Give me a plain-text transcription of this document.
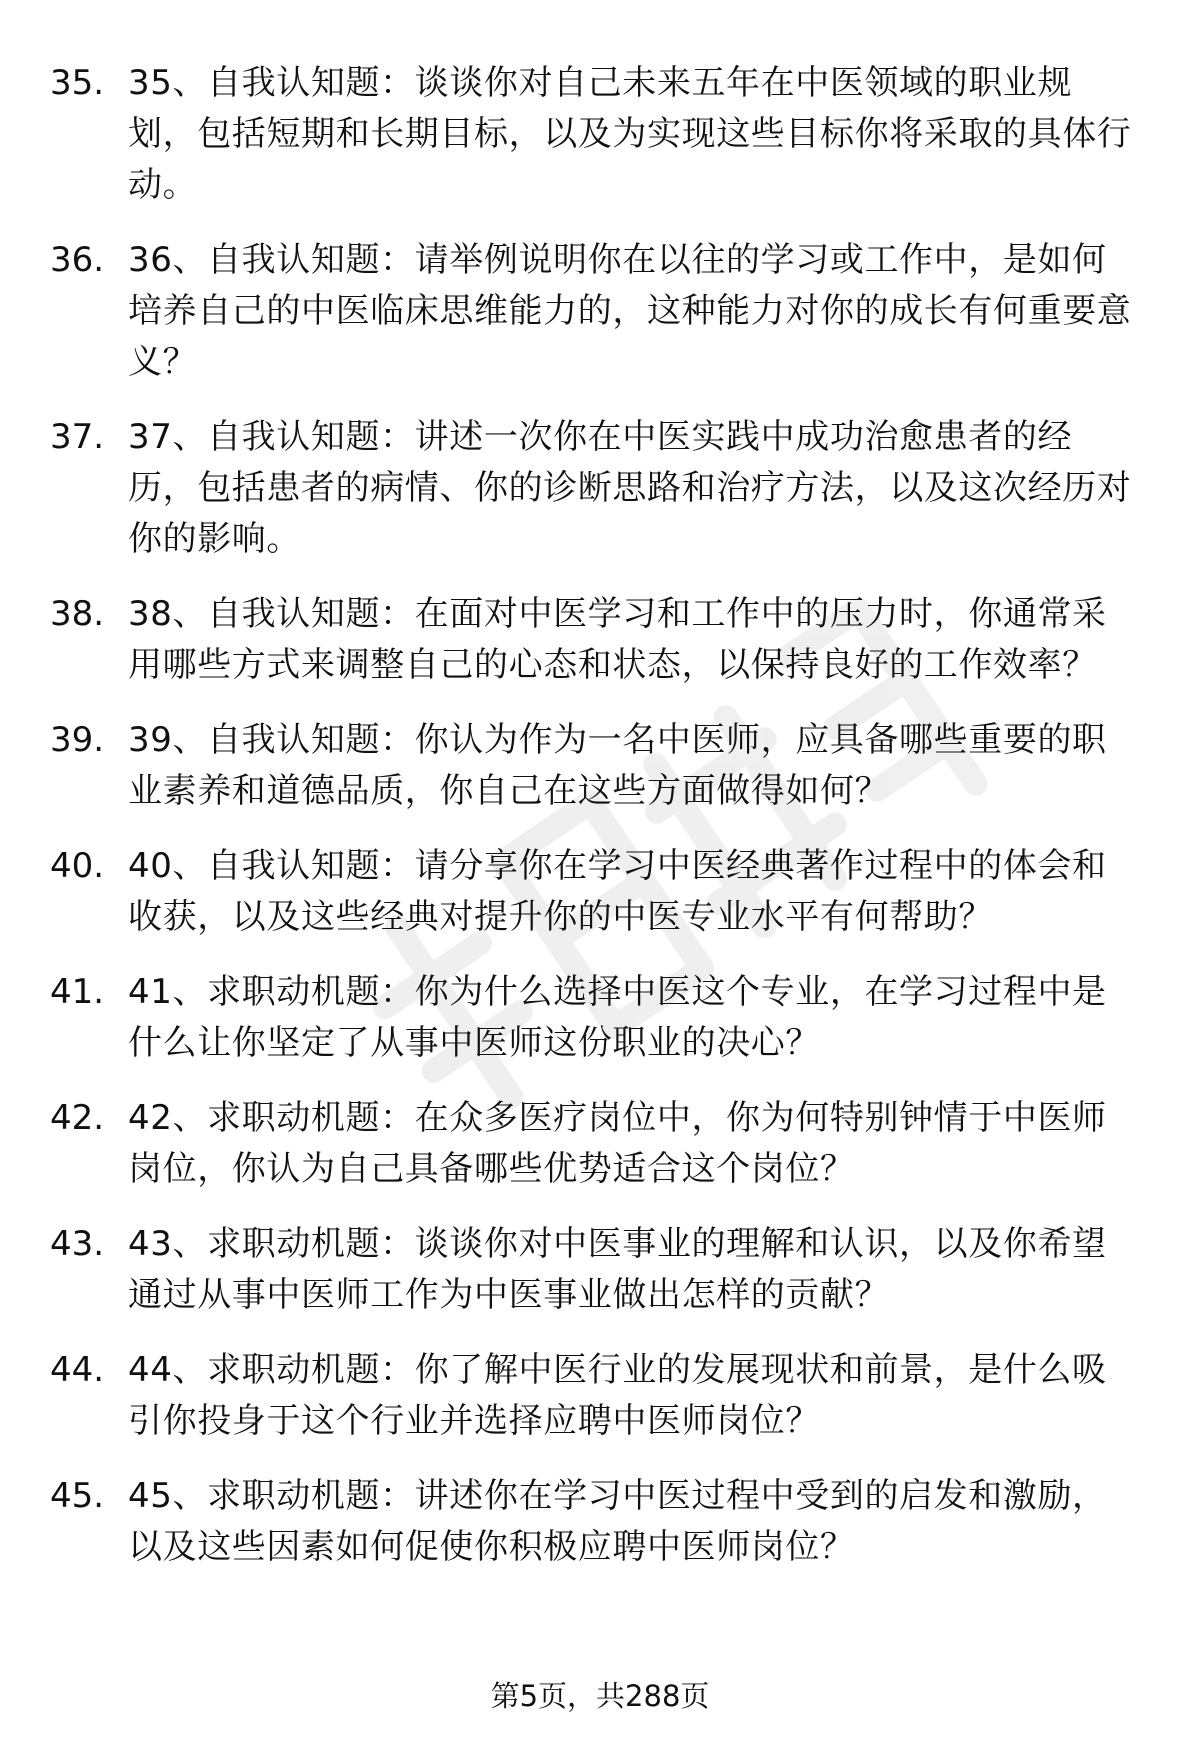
35. 35、自我认知题：谈谈你对自己未来五年在中医领域的职业规划，包括短期和长期目标，以及为实现这些目标你将采取的具体行动。
36. 36、自我认知题：请举例说明你在以往的学习或工作中，是如何培养自己的中医临床思维能力的，这种能力对你的成长有何重要意义？
37. 37、自我认知题：讲述一次你在中医实践中成功治愈患者的经历，包括患者的病情、你的诊断思路和治疗方法，以及这次经历对你的影响。
38. 38、自我认知题：在面对中医学习和工作中的压力时，你通常采用哪些方式来调整自己的心态和状态，以保持良好的工作效率？
39. 39、自我认知题：你认为作为一名中医师，应具备哪些重要的职业素养和道德品质，你自己在这些方面做得如何？
40. 40、自我认知题：请分享你在学习中医经典著作过程中的体会和收获，以及这些经典对提升你的中医专业水平有何帮助？
41. 41、求职动机题：你为什么选择中医这个专业，在学习过程中是什么让你坚定了从事中医师这份职业的决心？
42. 42、求职动机题：在众多医疗岗位中，你为何特别钟情于中医师岗位，你认为自己具备哪些优势适合这个岗位？
43. 43、求职动机题：谈谈你对中医事业的理解和认识，以及你希望通过从事中医师工作为中医事业做出怎样的贡献？
44. 44、求职动机题：你了解中医行业的发展现状和前景，是什么吸引你投身于这个行业并选择应聘中医师岗位？
45. 45、求职动机题：讲述你在学习中医过程中受到的启发和激励，以及这些因素如何促使你积极应聘中医师岗位？
第5页，共288页
